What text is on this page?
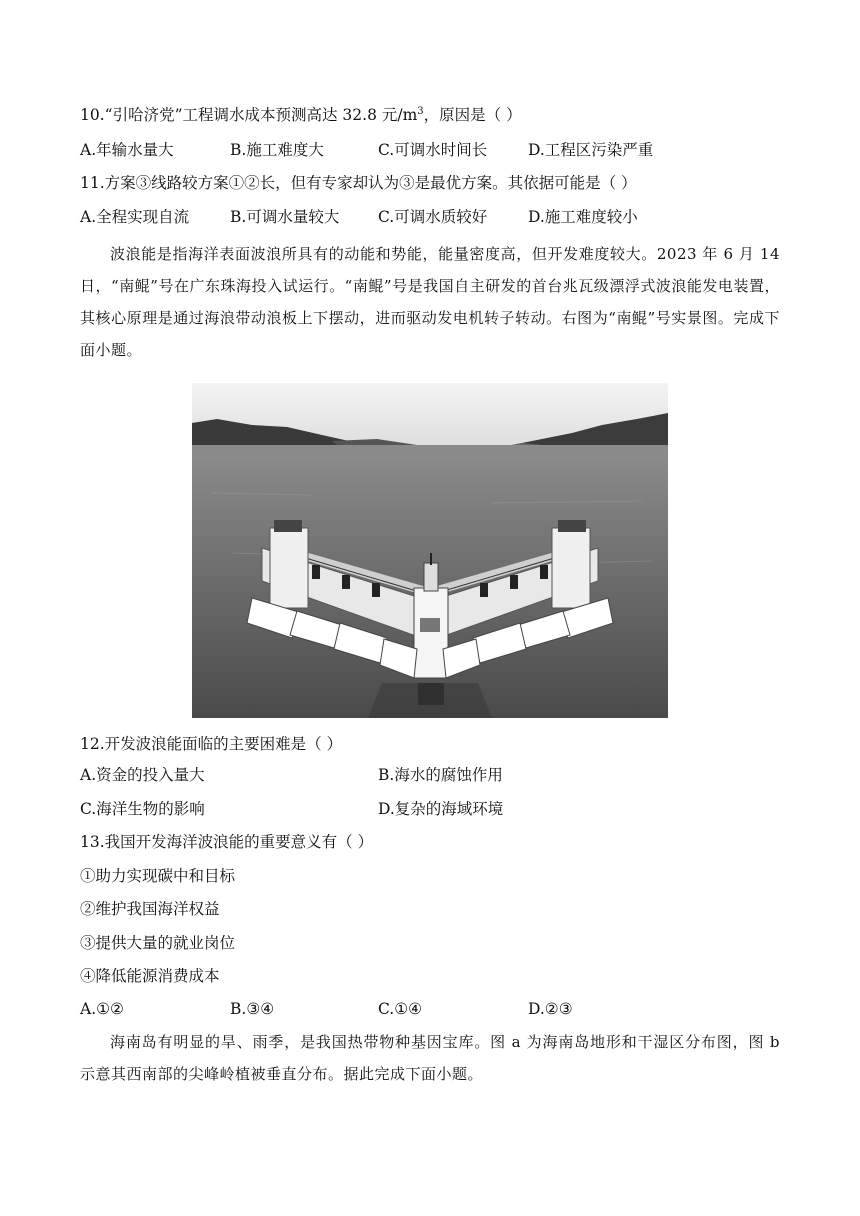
10.“引哈济党”工程调水成本预测高达 32.8 元$/m^3$，原因是（ ）
A.年输水量大	B.施工难度大	C.可调水时间长	D.工程区污染严重
11.方案③线路较方案①②长，但有专家却认为③是最优方案。其依据可能是（ ）
A.全程实现自流	B.可调水量较大 C.可调水质较好	D.施工难度较小
波浪能是指海洋表面波浪所具有的动能和势能，能量密度高，但开发难度较大。2023 年 6 月 14 日，“南鲲”号在广东珠海投入试运行。“南鲲”号是我国自主研发的首台兆瓦级漂浮式波浪能发电装置，其核心原理是通过海浪带动浪板上下摆动，进而驱动发电机转子转动。右图为“南鲲”号实景图。完成下面小题。
12.开发波浪能面临的主要困难是（ ）
A.资金的投入量大	B.海水的腐蚀作用
C.海洋生物的影响	D.复杂的海域环境
13.我国开发海洋波浪能的重要意义有（ ）
①助力实现碳中和目标
②维护我国海洋权益
③提供大量的就业岗位
④降低能源消费成本
A.①②	B.③④	C.①④	D.②③
海南岛有明显的旱、雨季，是我国热带物种基因宝库。图 a 为海南岛地形和干湿区分布图，图 b 示意其西南部的尖峰岭植被垂直分布。据此完成下面小题。
